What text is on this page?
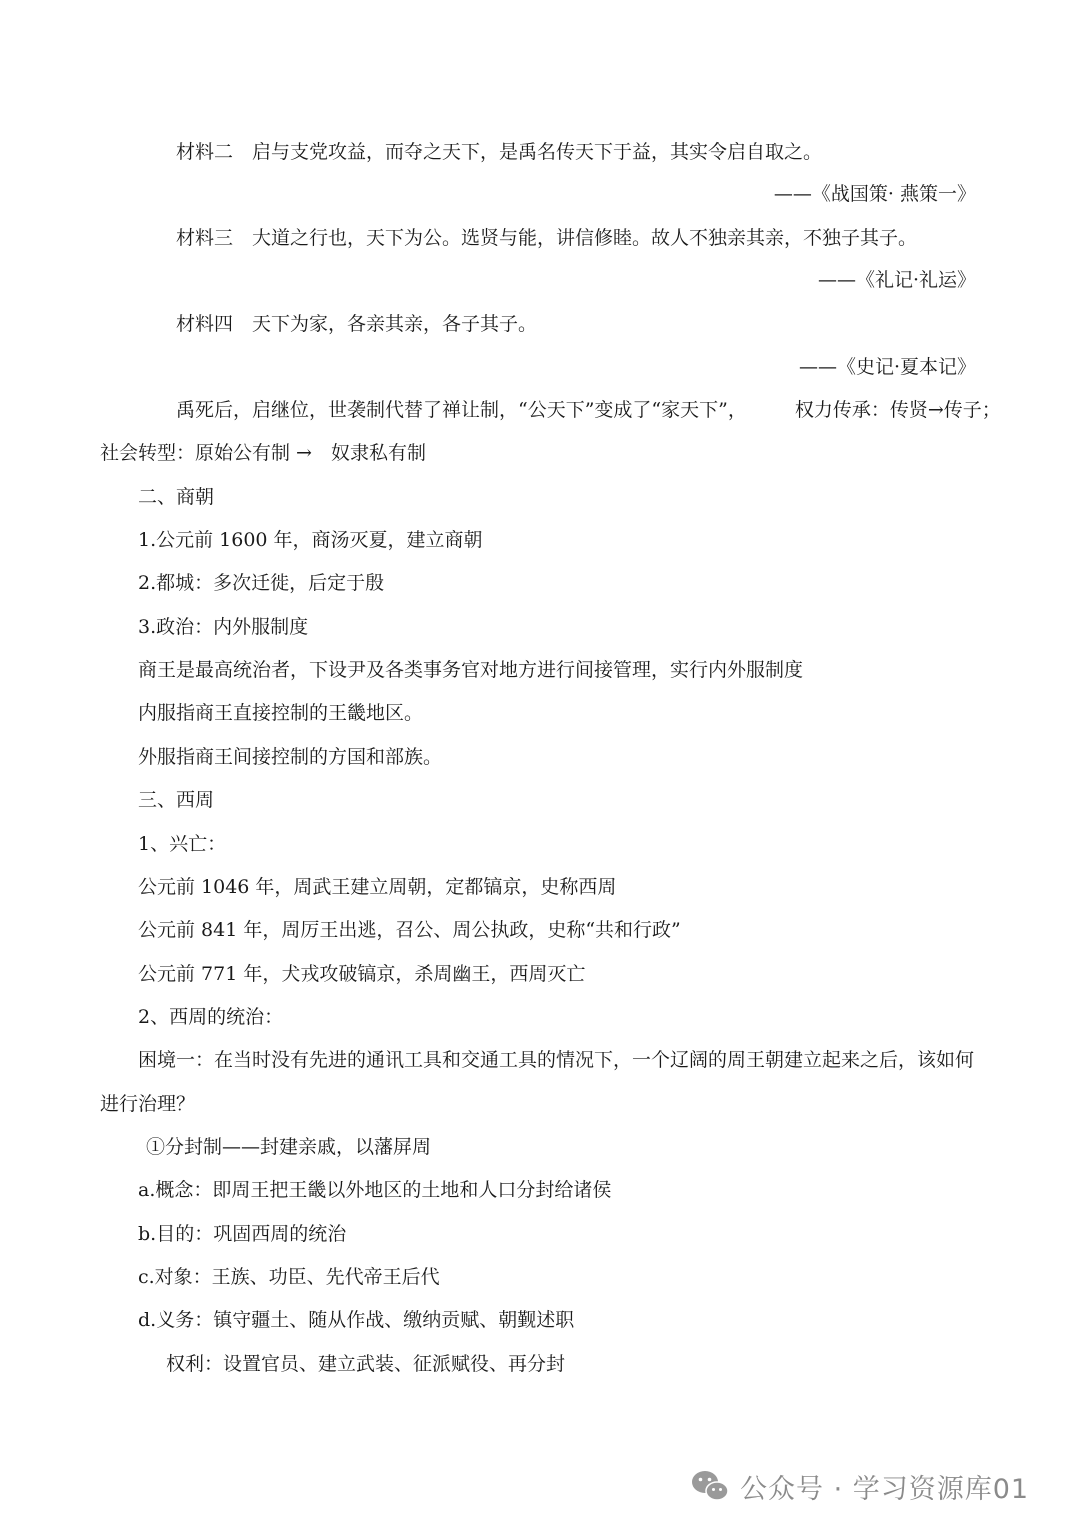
材料二 启与支党攻益，而夺之天下，是禹名传天下于益，其实令启自取之。
——《战国策· 燕策一》
材料三 大道之行也，天下为公。选贤与能，讲信修睦。故人不独亲其亲，不独子其子。
——《礼记·礼运》
材料四 天下为家，各亲其亲，各子其子。
——《史记·夏本记》
禹死后，启继位，世袭制代替了禅让制，“公天下”变成了“家天下”，	权力传承：传贤→传子；
社会转型：原始公有制 →　奴隶私有制
二、商朝
1.公元前 1600 年，商汤灭夏，建立商朝
2.都城：多次迁徙，后定于殷
3.政治：内外服制度
商王是最高统治者，下设尹及各类事务官对地方进行间接管理，实行内外服制度
内服指商王直接控制的王畿地区。
外服指商王间接控制的方国和部族。
三、西周
1、兴亡：
公元前 1046 年，周武王建立周朝，定都镐京，史称西周
公元前 841 年，周厉王出逃，召公、周公执政，史称“共和行政”
公元前 771 年，犬戎攻破镐京，杀周幽王，西周灭亡
2、西周的统治：
困境一：在当时没有先进的通讯工具和交通工具的情况下，一个辽阔的周王朝建立起来之后，该如何
进行治理？
①分封制——封建亲戚，以藩屏周
a.概念：即周王把王畿以外地区的土地和人口分封给诸侯
b.目的：巩固西周的统治
c.对象：王族、功臣、先代帝王后代
d.义务：镇守疆土、随从作战、缴纳贡赋、朝觐述职
权利：设置官员、建立武装、征派赋役、再分封
公众号 · 学习资源库01
